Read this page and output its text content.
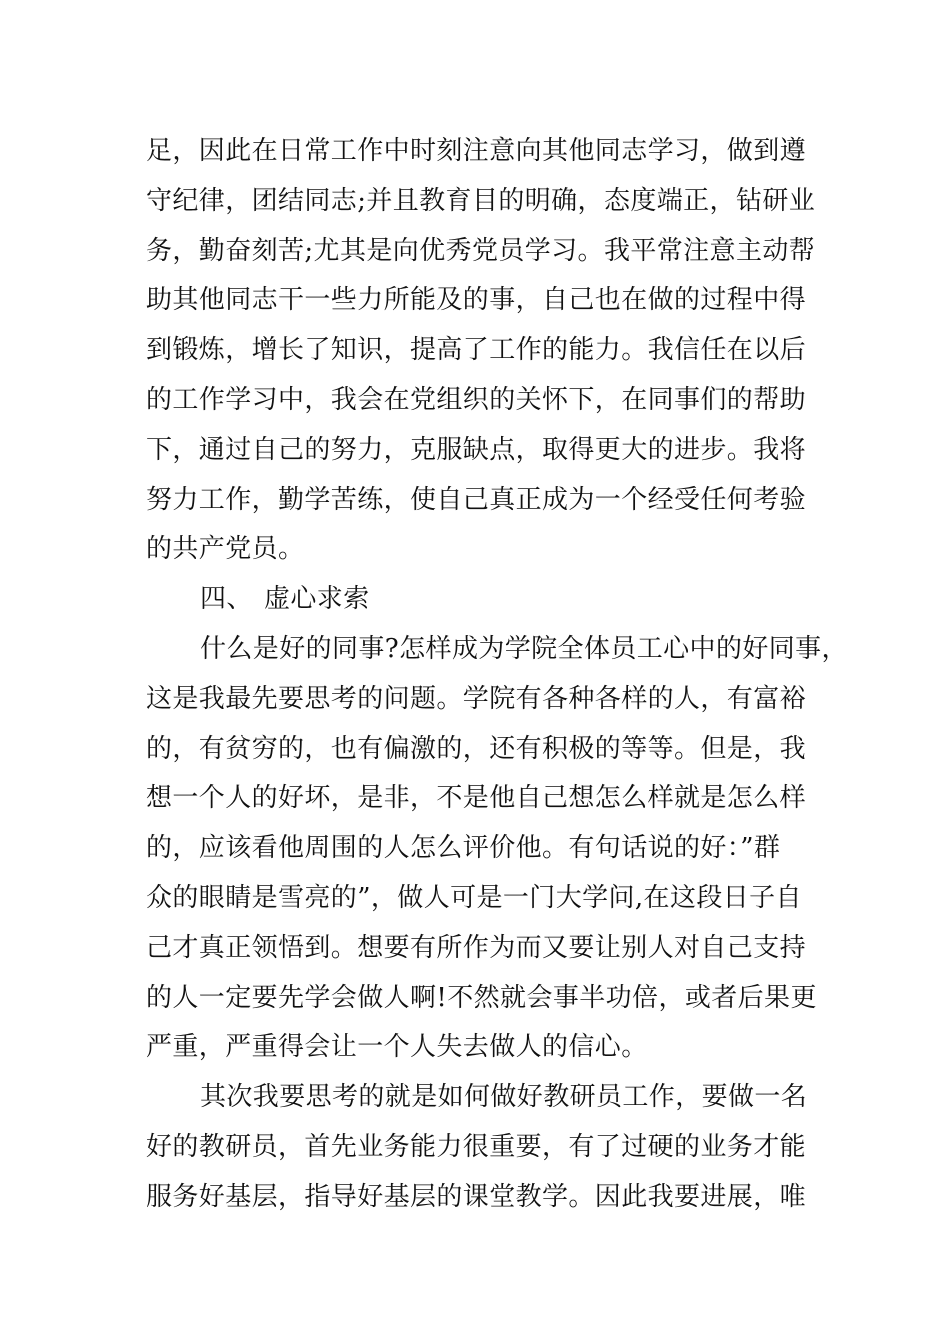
足，因此在日常工作中时刻注意向其他同志学习，做到遵
守纪律，团结同志;并且教育目的明确，态度端正，钻研业
务，勤奋刻苦;尤其是向优秀党员学习。我平常注意主动帮
助其他同志干一些力所能及的事，自己也在做的过程中得
到锻炼，增长了知识，提高了工作的能力。我信任在以后
的工作学习中，我会在党组织的关怀下，在同事们的帮助
下，通过自己的努力，克服缺点，取得更大的进步。我将
努力工作，勤学苦练，使自己真正成为一个经受任何考验
的共产党员。
四、 虚心求索
什么是好的同事?怎样成为学院全体员工心中的好同事，
这是我最先要思考的问题。学院有各种各样的人，有富裕
的，有贫穷的，也有偏激的，还有积极的等等。但是，我
想一个人的好坏，是非，不是他自己想怎么样就是怎么样
的，应该看他周围的人怎么评价他。有句话说的好：”群
众的眼睛是雪亮的”，做人可是一门大学问,在这段日子自
己才真正领悟到。想要有所作为而又要让别人对自己支持
的人一定要先学会做人啊!不然就会事半功倍，或者后果更
严重，严重得会让一个人失去做人的信心。
其次我要思考的就是如何做好教研员工作，要做一名
好的教研员，首先业务能力很重要，有了过硬的业务才能
服务好基层，指导好基层的课堂教学。因此我要进展，唯
